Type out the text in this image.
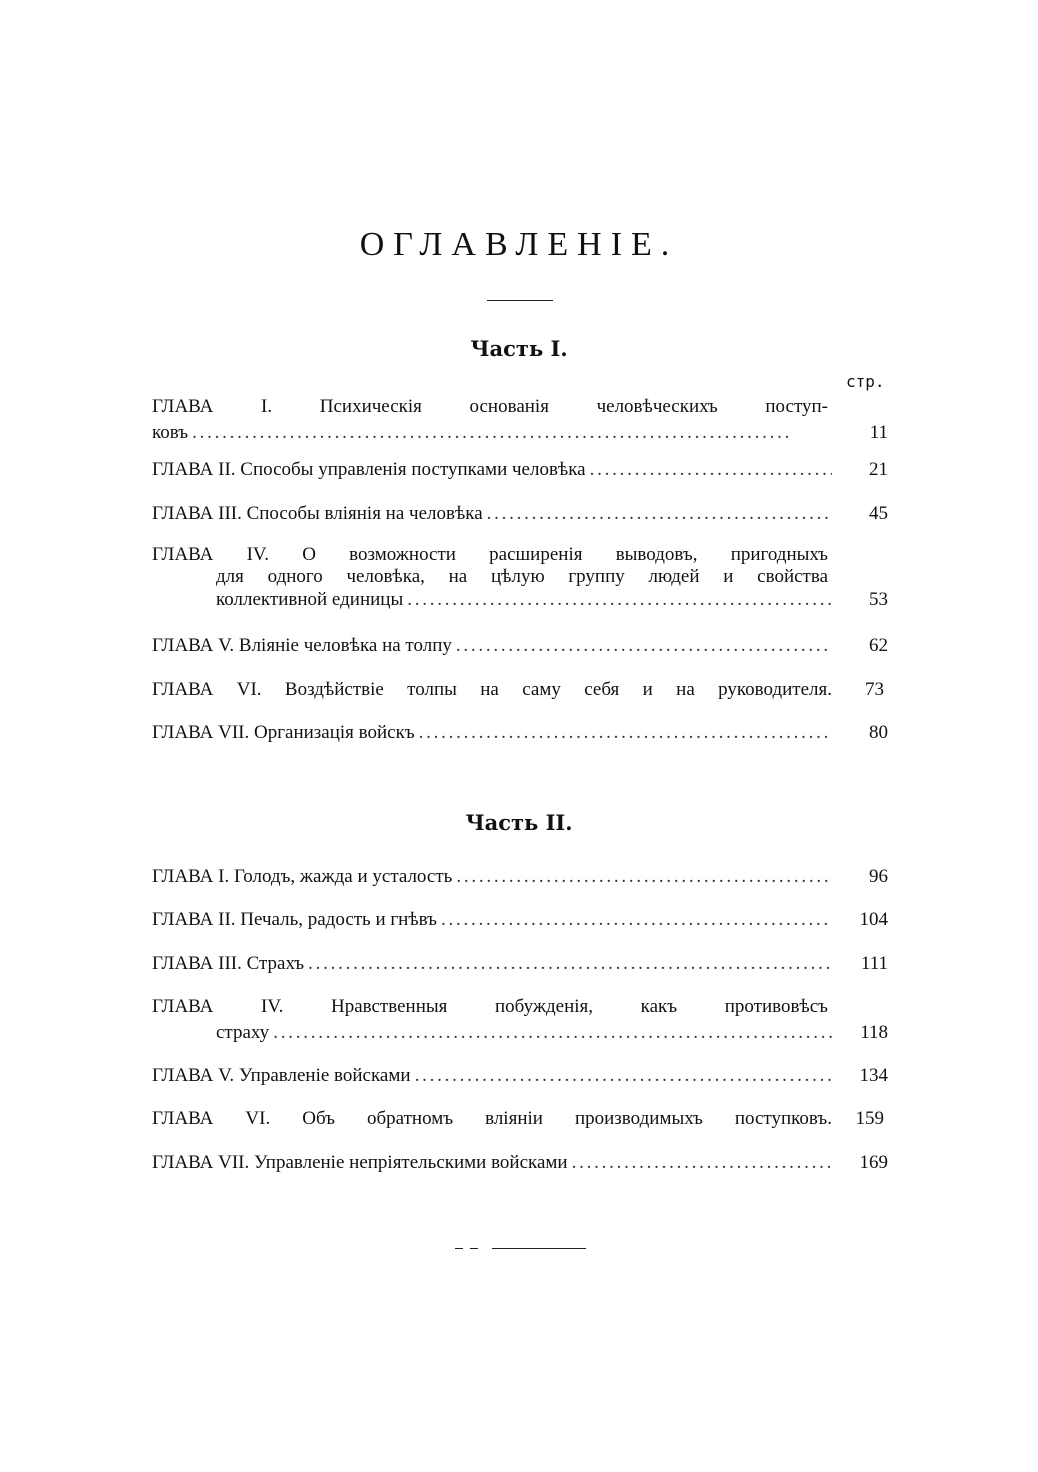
ОГЛАВЛЕНІЕ.
Часть I.
стр.
ГЛАВА I.	Психическія основанія человѣческихъ поступ-
ковъ . . .	11
ГЛАВА II. Способы управленія поступками человѣка . . .	21
ГЛАВА III. Способы вліянія на человѣка . . .	45
ГЛАВА IV. О возможности расширенія выводовъ, пригодныхъ
для одного человѣка, на цѣлую группу людей и свойства
коллективной единицы . . .	53
ГЛАВА V. Вліяніе человѣка на толпу . . .	62
ГЛАВА VI. Воздѣйствіе толпы на саму себя и на руководителя.	73
ГЛАВА VII. Организація войскъ . . .	80
Часть II.
ГЛАВА I. Голодъ, жажда и усталость . . .	96
ГЛАВА II. Печаль, радость и гнѣвъ . . .	104
ГЛАВА III. Страхъ . . .	111
ГЛАВА IV.	Нравственныя побужденія, какъ противовѣсъ
страху . . .	118
ГЛАВА V. Управленіе войсками . . .	134
ГЛАВА VI. Объ обратномъ вліяніи производимыхъ поступковъ.	159
ГЛАВА VII. Управленіе непріятельскими войсками . . .	169
